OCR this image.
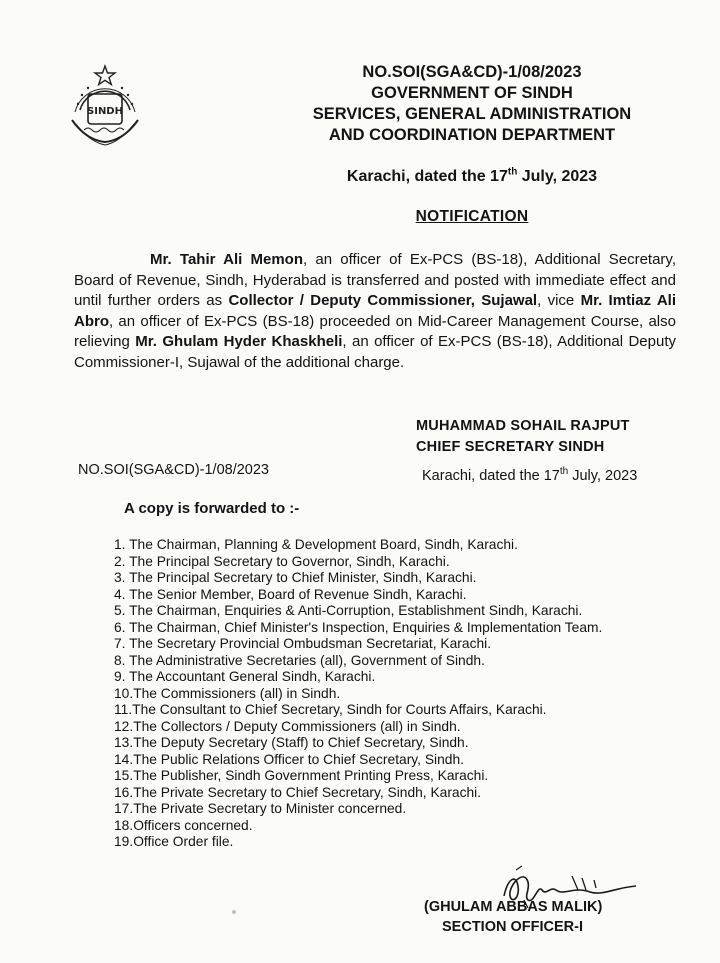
SINDH
NO.SOI(SGA&CD)-1/08/2023
GOVERNMENT OF SINDH
SERVICES, GENERAL ADMINISTRATION
AND COORDINATION DEPARTMENT
Karachi, dated the 17th July, 2023
NOTIFICATION
Mr. Tahir Ali Memon, an officer of Ex-PCS (BS-18), Additional Secretary, Board of Revenue, Sindh, Hyderabad is transferred and posted with immediate effect and until further orders as Collector / Deputy Commissioner, Sujawal, vice Mr. Imtiaz Ali Abro, an officer of Ex-PCS (BS-18) proceeded on Mid-Career Management Course, also relieving Mr. Ghulam Hyder Khaskheli, an officer of Ex-PCS (BS-18), Additional Deputy Commissioner-I, Sujawal of the additional charge.
MUHAMMAD SOHAIL RAJPUT
CHIEF SECRETARY SINDH
NO.SOI(SGA&CD)-1/08/2023	Karachi, dated the 17th July, 2023
A copy is forwarded to :-
1. The Chairman, Planning & Development Board, Sindh, Karachi.
2. The Principal Secretary to Governor, Sindh, Karachi.
3. The Principal Secretary to Chief Minister, Sindh, Karachi.
4. The Senior Member, Board of Revenue Sindh, Karachi.
5. The Chairman, Enquiries & Anti-Corruption, Establishment Sindh, Karachi.
6. The Chairman, Chief Minister's Inspection, Enquiries & Implementation Team.
7. The Secretary Provincial Ombudsman Secretariat, Karachi.
8. The Administrative Secretaries (all), Government of Sindh.
9. The Accountant General Sindh, Karachi.
10.The Commissioners (all) in Sindh.
11.The Consultant to Chief Secretary, Sindh for Courts Affairs, Karachi.
12.The Collectors / Deputy Commissioners (all) in Sindh.
13.The Deputy Secretary (Staff) to Chief Secretary, Sindh.
14.The Public Relations Officer to Chief Secretary, Sindh.
15.The Publisher, Sindh Government Printing Press, Karachi.
16.The Private Secretary to Chief Secretary, Sindh, Karachi.
17.The Private Secretary to Minister concerned.
18.Officers concerned.
19.Office Order file.
(GHULAM ABBAS MALIK)
SECTION OFFICER-I
